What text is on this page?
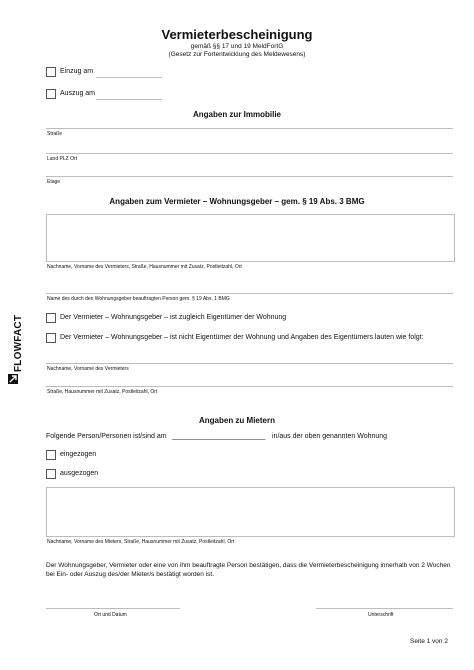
FLOWFACT
Vermieterbescheinigung
gemäß §§ 17 und 19 MeldFortG
(Gesetz zur Fortentwicklung des Meldewesens)
Einzug am
Auszug am
Angaben zur Immobilie
Straße
Land PLZ Ort
Etage
Angaben zum Vermieter – Wohnungsgeber – gem. § 19 Abs. 3 BMG
Nachname, Vorname des Vermieters, Straße, Hausnummer mit Zusatz, Postleitzahl, Ort
Name des durch den Wohnungsgeber beauftragten Person gem. § 19 Abs. 1 BMG
Der Vermieter – Wohnungsgeber – ist zugleich Eigentümer der Wohnung
Der Vermieter – Wohnungsgeber – ist nicht Eigentümer der Wohnung und Angaben des Eigentümers lauten wie folgt:
Nachname, Vorname des Vermieters
Straße, Hausnummer mit Zusatz, Postleitzahl, Ort
Angaben zu Mietern
Folgende Person/Personen ist/sind am ________________________ in/aus der oben genannten Wohnung
eingezogen
ausgezogen
Nachname, Vorname des Mieters, Straße, Hausnummer mit Zusatz, Postleitzahl, Ort
Der Wohnungsgeber, Vermieter oder eine von ihm beauftragte Person bestätigen, dass die Vermieterbescheinigung innerhalb von 2 Wochen bei Ein- oder Auszug des/der Mieter/s bestätigt worden ist.
Ort und Datum	Unterschrift
Seite 1 von 2
